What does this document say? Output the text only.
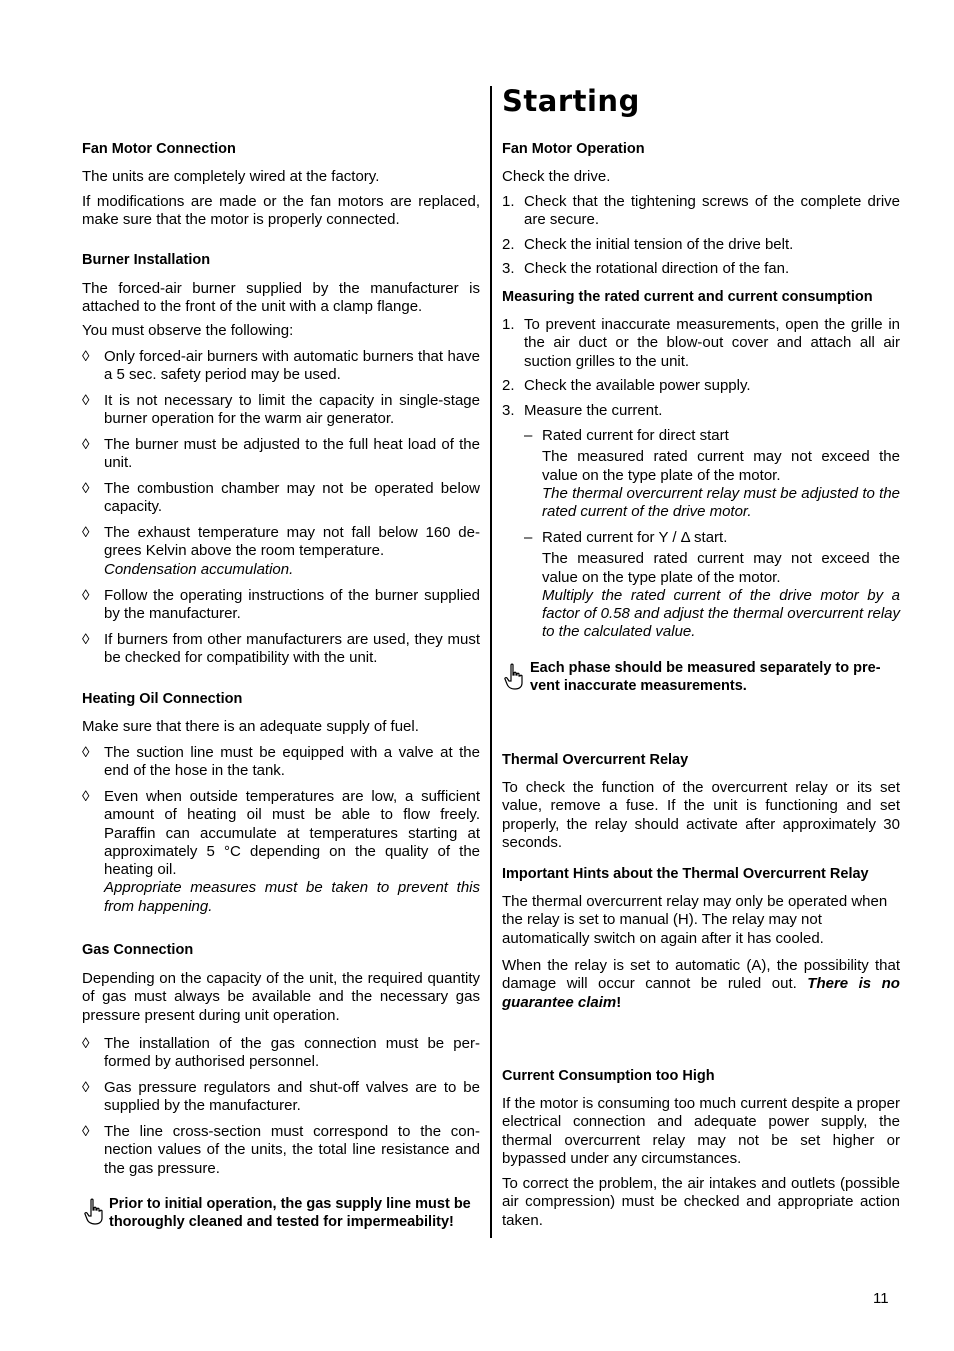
Starting
Fan Motor Connection
The units are completely wired at the factory.
If modifications are made or the fan motors are replaced, make sure that the motor is properly connected.
Burner Installation
The forced-air burner supplied by the manufacturer is attached to the front of the unit with a clamp flange.
You must observe the following:
◊ Only forced-air burners with automatic burners that have a 5 sec. safety period may be used.
◊ It is not necessary to limit the capacity in single-stage burner operation for the warm air generator.
◊ The burner must be adjusted to the full heat load of the unit.
◊ The combustion chamber may not be operated below capacity.
◊ The exhaust temperature may not fall below 160 degrees Kelvin above the room temperature.
Condensation accumulation.
◊ Follow the operating instructions of the burner supplied by the manufacturer.
◊ If burners from other manufacturers are used, they must be checked for compatibility with the unit.
Heating Oil Connection
Make sure that there is an adequate supply of fuel.
◊ The suction line must be equipped with a valve at the end of the hose in the tank.
◊ Even when outside temperatures are low, a sufficient amount of heating oil must be able to flow freely. Paraffin can accumulate at temperatures starting at approximately 5 °C depending on the quality of the heating oil.
Appropriate measures must be taken to prevent this from happening.
Gas Connection
Depending on the capacity of the unit, the required quantity of gas must always be available and the necessary gas pressure present during unit operation.
◊ The installation of the gas connection must be performed by authorised personnel.
◊ Gas pressure regulators and shut-off valves are to be supplied by the manufacturer.
◊ The line cross-section must correspond to the connection values of the units, the total line resistance and the gas pressure.
Prior to initial operation, the gas supply line must be thoroughly cleaned and tested for impermeability!
Fan Motor Operation
Check the drive.
1. Check that the tightening screws of the complete drive are secure.
2. Check the initial tension of the drive belt.
3. Check the rotational direction of the fan.
Measuring the rated current and current consumption
1. To prevent inaccurate measurements, open the grille in the air duct or the blow-out cover and attach all air suction grilles to the unit.
2. Check the available power supply.
3. Measure the current.
– Rated current for direct start

The measured rated current may not exceed the value on the type plate of the motor.
The thermal overcurrent relay must be adjusted to the rated current of the drive motor.
– Rated current for Y / Δ start.

The measured rated current may not exceed the value on the type plate of the motor.
Multiply the rated current of the drive motor by a factor of 0.58 and adjust the thermal overcurrent relay to the calculated value.
Each phase should be measured separately to prevent inaccurate measurements.
Thermal Overcurrent Relay
To check the function of the overcurrent relay or its set value, remove a fuse. If the unit is functioning and set properly, the relay should activate after approximately 30 seconds.
Important Hints about the Thermal Overcurrent Relay
The thermal overcurrent relay may only be operated when the relay is set to manual (H). The relay may not automatically switch on again after it has cooled.
When the relay is set to automatic (A), the possibility that damage will occur cannot be ruled out. There is no guarantee claim!
Current Consumption too High
If the motor is consuming too much current despite a proper electrical connection and adequate power supply, the thermal overcurrent relay may not be set higher or bypassed under any circumstances.
To correct the problem, the air intakes and outlets (possible air compression) must be checked and appropriate action taken.
11
